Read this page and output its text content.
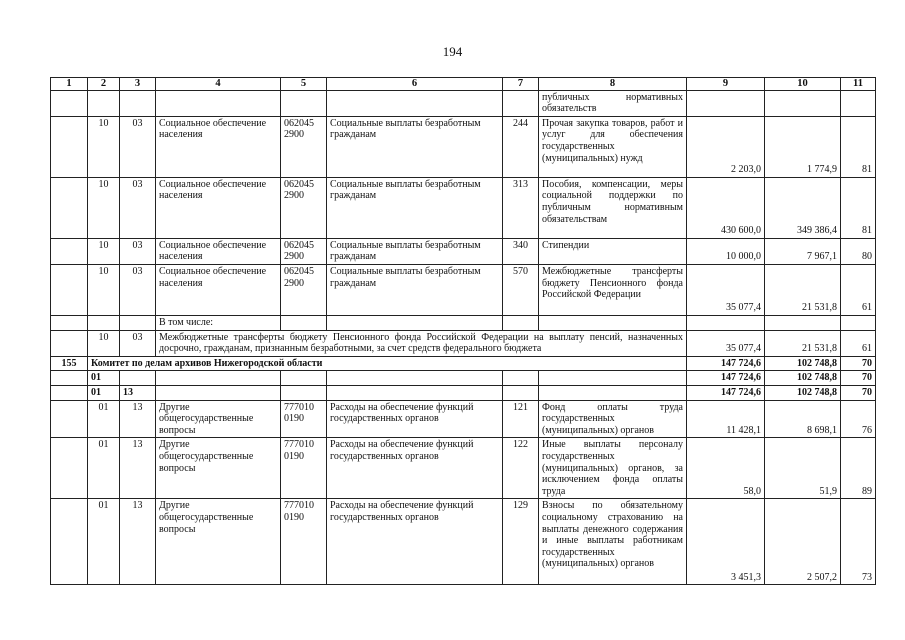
194
1	2	3	4	5	6	7	8	9	10	11
							публичных нормативных обязательств			
	10	03	Социальное обеспечение населения	062045 2900	Социальные выплаты безработным гражданам	244	Прочая закупка товаров, работ и услуг для обеспечения государственных (муниципальных) нужд	2 203,0	1 774,9	81
	10	03	Социальное обеспечение населения	062045 2900	Социальные выплаты безработным гражданам	313	Пособия, компенсации, меры социальной поддержки по публичным нормативным обязательствам	430 600,0	349 386,4	81
	10	03	Социальное обеспечение населения	062045 2900	Социальные выплаты безработным гражданам	340	Стипендии	10 000,0	7 967,1	80
	10	03	Социальное обеспечение населения	062045 2900	Социальные выплаты безработным гражданам	570	Межбюджетные трансферты бюджету Пенсионного фонда Российской Федерации	35 077,4	21 531,8	61
			В том числе:							
	10	03	Межбюджетные трансферты бюджету Пенсионного фонда Российской Федерации на выплату пенсий, назначенных досрочно, гражданам, признанным безработными, за счет средств федерального бюджета					35 077,4	21 531,8	61
155	Комитет по делам архивов Нижегородской области							147 724,6	102 748,8	70
	01							147 724,6	102 748,8	70
	01	13						147 724,6	102 748,8	70
	01	13	Другие общегосударственные вопросы	777010 0190	Расходы на обеспечение функций государственных органов	121	Фонд оплаты труда государственных (муниципальных) органов	11 428,1	8 698,1	76
	01	13	Другие общегосударственные вопросы	777010 0190	Расходы на обеспечение функций государственных органов	122	Иные выплаты персоналу государственных (муниципальных) органов, за исключением фонда оплаты труда	58,0	51,9	89
	01	13	Другие общегосударственные вопросы	777010 0190	Расходы на обеспечение функций государственных органов	129	Взносы по обязательному социальному страхованию на выплаты денежного содержания и иные выплаты работникам государственных (муниципальных) органов	3 451,3	2 507,2	73
